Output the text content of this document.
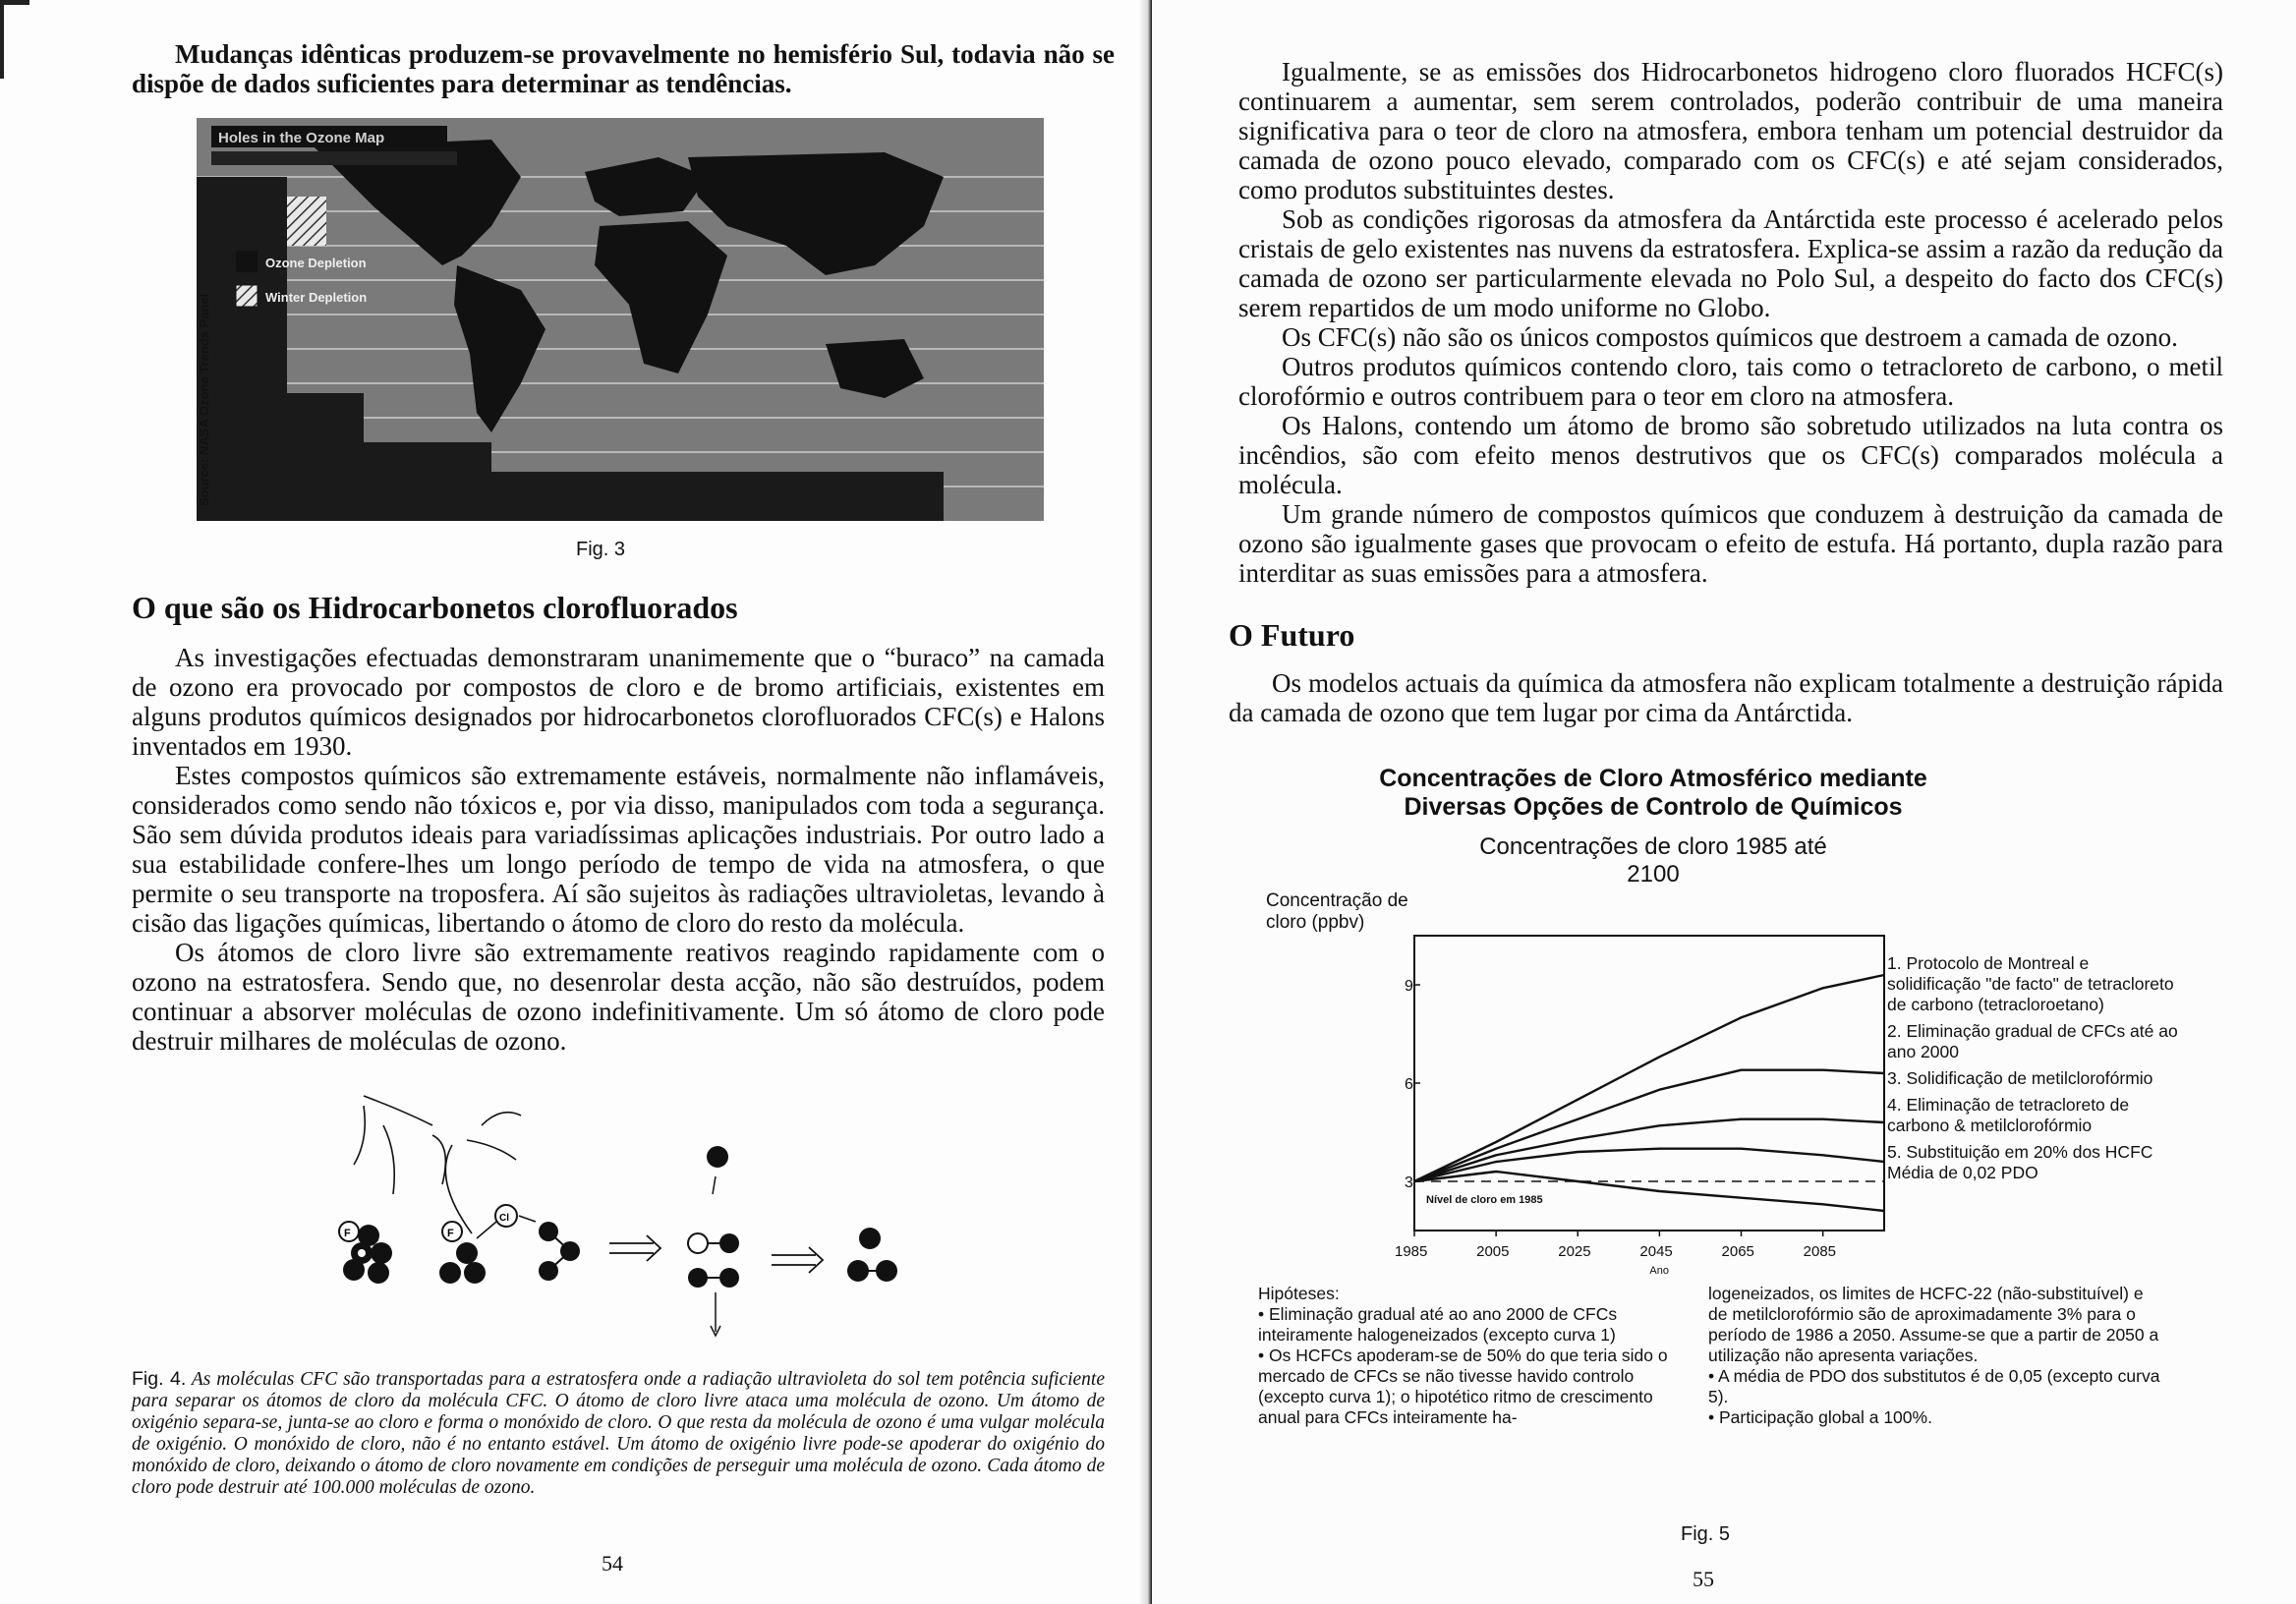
Mudanças idênticas produzem-se provavelmente no hemisfério Sul, todavia não se dispõe de dados suficientes para determinar as tendências.

Holes in the Ozone Map
Ozone Depletion
Winter Depletion
Source: NASA Ozone Trends Panel

Fig. 3

O que são os Hidrocarbonetos clorofluorados

As investigações efectuadas demonstraram unanimemente que o “buraco” na camada de ozono era provocado por compostos de cloro e de bromo artificiais, existentes em alguns produtos químicos designados por hidrocarbonetos clorofluorados CFC(s) e Halons inventados em 1930.

Estes compostos químicos são extremamente estáveis, normalmente não inflamáveis, considerados como sendo não tóxicos e, por via disso, manipulados com toda a segurança. São sem dúvida produtos ideais para variadíssimas aplicações industriais. Por outro lado a sua estabilidade confere-lhes um longo período de tempo de vida na atmosfera, o que permite o seu transporte na troposfera. Aí são sujeitos às radiações ultravioletas, levando à cisão das ligações químicas, libertando o átomo de cloro do resto da molécula.

Os átomos de cloro livre são extremamente reativos reagindo rapidamente com o ozono na estratosfera. Sendo que, no desenrolar desta acção, não são destruídos, podem continuar a absorver moléculas de ozono indefinitivamente. Um só átomo de cloro pode destruir milhares de moléculas de ozono.

F	F
Cl

Fig. 4. As moléculas CFC são transportadas para a estratosfera onde a radiação ultravioleta do sol tem potência suficiente para separar os átomos de cloro da molécula CFC. O átomo de cloro livre ataca uma molécula de ozono. Um átomo de oxigénio separa-se, junta-se ao cloro e forma o monóxido de cloro. O que resta da molécula de ozono é uma vulgar molécula de oxigénio. O monóxido de cloro, não é no entanto estável. Um átomo de oxigénio livre pode-se apoderar do oxigénio do monóxido de cloro, deixando o átomo de cloro novamente em condições de perseguir uma molécula de ozono. Cada átomo de cloro pode destruir até 100.000 moléculas de ozono.

54

Igualmente, se as emissões dos Hidrocarbonetos hidrogeno cloro fluorados HCFC(s) continuarem a aumentar, sem serem controlados, poderão contribuir de uma maneira significativa para o teor de cloro na atmosfera, embora tenham um potencial destruidor da camada de ozono pouco elevado, comparado com os CFC(s) e até sejam considerados, como produtos substituintes destes.

Sob as condições rigorosas da atmosfera da Antárctida este processo é acelerado pelos cristais de gelo existentes nas nuvens da estratosfera. Explica-se assim a razão da redução da camada de ozono ser particularmente elevada no Polo Sul, a despeito do facto dos CFC(s) serem repartidos de um modo uniforme no Globo.

Os CFC(s) não são os únicos compostos químicos que destroem a camada de ozono.

Outros produtos químicos contendo cloro, tais como o tetracloreto de carbono, o metil clorofórmio e outros contribuem para o teor em cloro na atmosfera.

Os Halons, contendo um átomo de bromo são sobretudo utilizados na luta contra os incêndios, são com efeito menos destrutivos que os CFC(s) comparados molécula a molécula.

Um grande número de compostos químicos que conduzem à destruição da camada de ozono são igualmente gases que provocam o efeito de estufa. Há portanto, dupla razão para interditar as suas emissões para a atmosfera.

O Futuro

Os modelos actuais da química da atmosfera não explicam totalmente a destruição rápida da camada de ozono que tem lugar por cima da Antárctida.

Concentrações de Cloro Atmosférico mediante Diversas Opções de Controlo de Químicos

Concentrações de cloro 1985 até 2100

Concentração de cloro (ppbv)

3
6
9
1985	2005	2025	2045	2065	2085
Ano
Nível de cloro em 1985
1. Protocolo de Montreal e solidificação "de facto" de tetracloreto de carbono (tetracloroetano)
2. Eliminação gradual de CFCs até ao ano 2000
3. Solidificação de metilclorofórmio
4. Eliminação de tetracloreto de carbono & metilclorofórmio
5. Substituição em 20% dos HCFC Média de 0,02 PDO
Hipóteses:
• Eliminação gradual até ao ano 2000 de CFCs inteiramente halogeneizados (excepto curva 1)
• Os HCFCs apoderam-se de 50% do que teria sido o mercado de CFCs se não tivesse havido controlo (excepto curva 1); o hipotético ritmo de crescimento anual para CFCs inteiramente ha-
logeneizados, os limites de HCFC-22 (não-substituível) e de metilclorofórmio são de aproximadamente 3% para o período de 1986 a 2050. Assume-se que a partir de 2050 a utilização não apresenta variações.
• A média de PDO dos substitutos é de 0,05 (excepto curva 5).
• Participação global a 100%.

Fig. 5

55
